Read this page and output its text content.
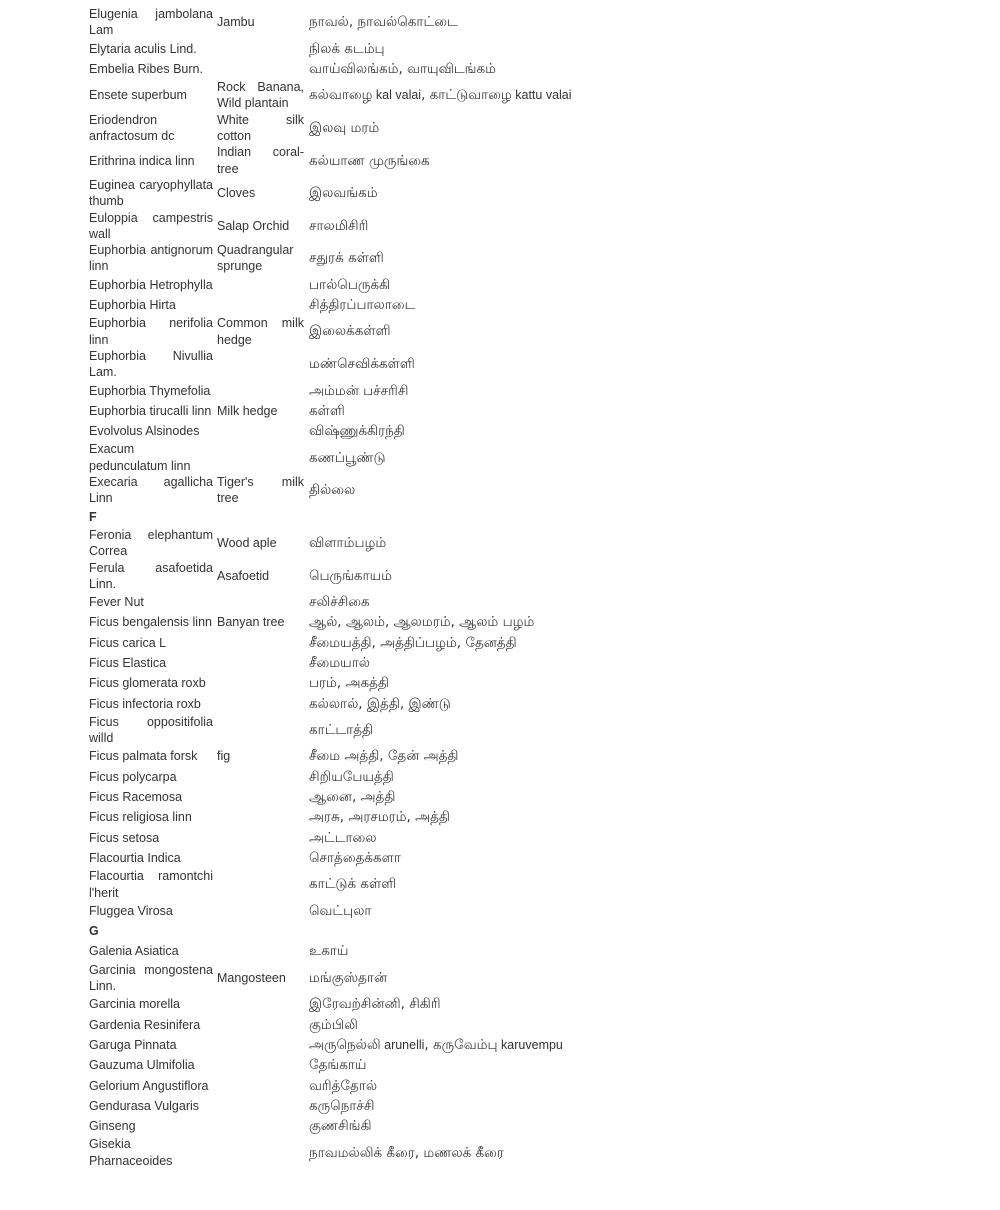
Elugenia jambolana Lam	Jambu	நாவல், நாவல்கொட்டை
Elytaria aculis Lind.		நிலக் கடம்பு
Embelia Ribes Burn.		வாய்விலங்கம், வாயுவிடங்கம்
Ensete superbum	Rock Banana, Wild plantain	கல்வாழை kal valai, காட்டுவாழை kattu valai
Eriodendron anfractosum dc	White silk cotton	இலவு மரம்
Erithrina indica linn	Indian coral-tree	கல்யாண முருங்கை
Euginea caryophyllata thumb	Cloves	இலவங்கம்
Euloppia campestris wall	Salap Orchid	சாலமிசிரி
Euphorbia antignorum linn	Quadrangular sprunge	சதுரக் கள்ளி
Euphorbia Hetrophylla		பால்பெருக்கி
Euphorbia Hirta		சித்திரப்பாலாடை
Euphorbia nerifolia linn	Common milk hedge	இலைக்கள்ளி
Euphorbia Nivullia Lam.		மண்செவிக்கள்ளி
Euphorbia Thymefolia		அம்மன் பச்சரிசி
Euphorbia tirucalli linn	Milk hedge	கள்ளி
Evolvolus Alsinodes		விஷ்ணுக்கிரந்தி
Exacum pedunculatum linn		கணப்பூண்டு
Execaria agallicha Linn	Tiger's milk tree	தில்லை
F		
Feronia elephantum Correa	Wood aple	விளாம்பழம்
Ferula asafoetida Linn.	Asafoetid	பெருங்காயம்
Fever Nut		சலிச்சிகை
Ficus bengalensis linn	Banyan tree	ஆல், ஆலம், ஆலமரம், ஆலம் பழம்
Ficus carica L		சீமையத்தி, அத்திப்பழம், தேனத்தி
Ficus Elastica		சீமையால்
Ficus glomerata roxb		பரம், அகத்தி
Ficus infectoria roxb		கல்லால், இத்தி, இண்டு
Ficus oppositifolia willd		காட்டாத்தி
Ficus palmata forsk	fig	சீமை அத்தி, தேன் அத்தி
Ficus polycarpa		சிறியபேயத்தி
Ficus Racemosa		ஆனை, அத்தி
Ficus religiosa linn		அரசு, அரசமரம், அத்தி
Ficus setosa		அட்டாலை
Flacourtia Indica		சொத்தைக்களா
Flacourtia ramontchi l'herit		காட்டுக் கள்ளி
Fluggea Virosa		வெட்புலா
G		
Galenia Asiatica		உகாய்
Garcinia mongostena Linn.	Mangosteen	மங்குஸ்தான்
Garcinia morella		இரேவற்சின்னி, சிகிரி
Gardenia Resinifera		கும்பிலி
Garuga Pinnata		அருநெல்லி arunelli, கருவேம்பு karuvempu
Gauzuma Ulmifolia		தேங்காய்
Gelorium Angustiflora		வரித்தோல்
Gendurasa Vulgaris		கருநொச்சி
Ginseng		குணசிங்கி
Gisekia Pharnaceoides		நாவமல்லிக் கீரை, மணலக் கீரை
